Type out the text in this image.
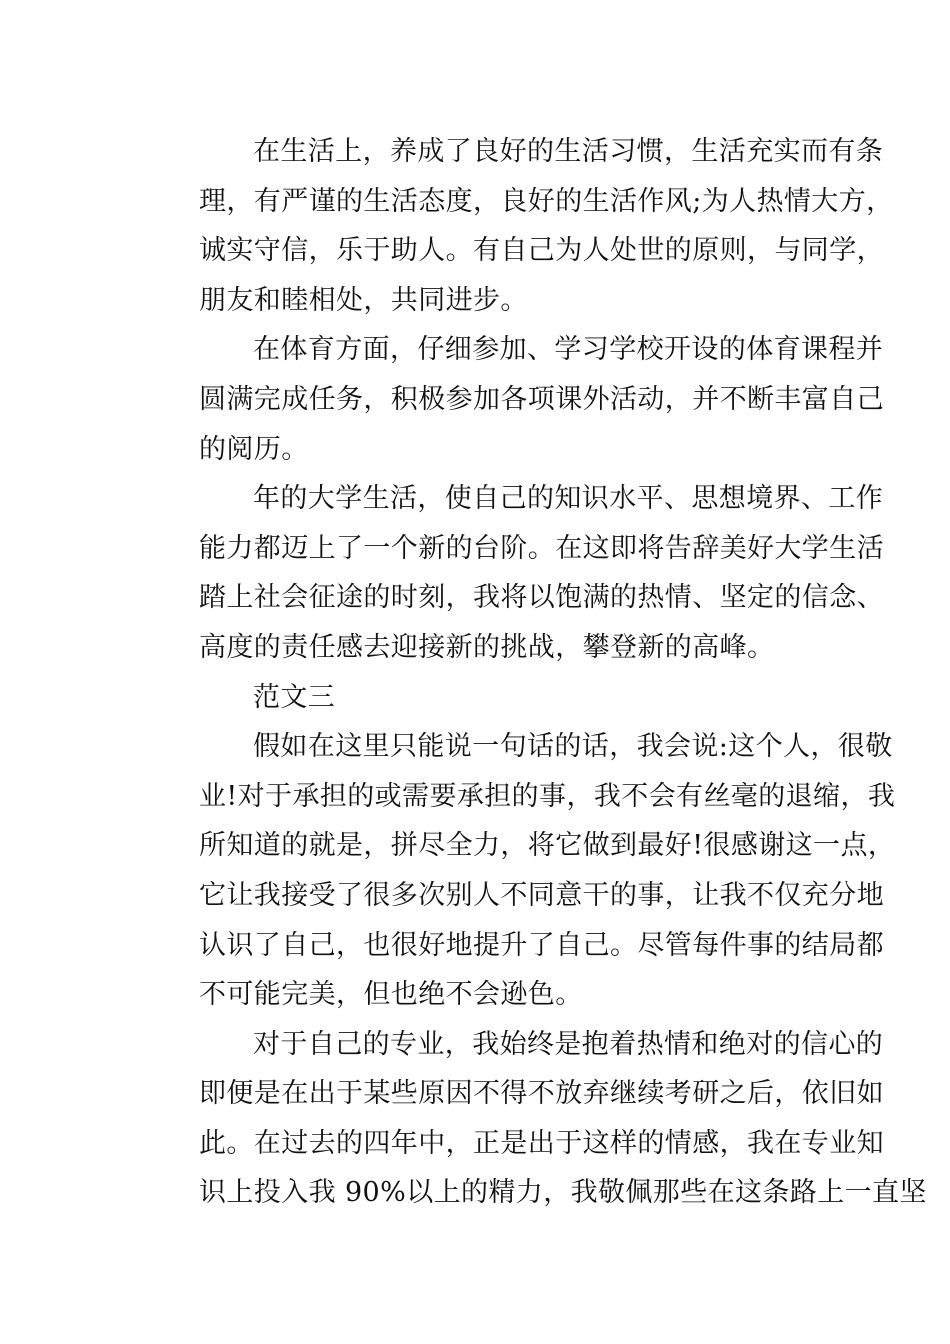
在生活上，养成了良好的生活习惯，生活充实而有条
理，有严谨的生活态度，良好的生活作风;为人热情大方，
诚实守信，乐于助人。有自己为人处世的原则，与同学，
朋友和睦相处，共同进步。
在体育方面，仔细参加、学习学校开设的体育课程并
圆满完成任务，积极参加各项课外活动，并不断丰富自己
的阅历。
年的大学生活，使自己的知识水平、思想境界、工作
能力都迈上了一个新的台阶。在这即将告辞美好大学生活
踏上社会征途的时刻，我将以饱满的热情、坚定的信念、
高度的责任感去迎接新的挑战，攀登新的高峰。
范文三
假如在这里只能说一句话的话，我会说:这个人，很敬
业!对于承担的或需要承担的事，我不会有丝毫的退缩，我
所知道的就是，拼尽全力，将它做到最好!很感谢这一点，
它让我接受了很多次别人不同意干的事，让我不仅充分地
认识了自己，也很好地提升了自己。尽管每件事的结局都
不可能完美，但也绝不会逊色。
对于自己的专业，我始终是抱着热情和绝对的信心的
即便是在出于某些原因不得不放弃继续考研之后，依旧如
此。在过去的四年中，正是出于这样的情感，我在专业知
识上投入我 90%以上的精力，我敬佩那些在这条路上一直坚
